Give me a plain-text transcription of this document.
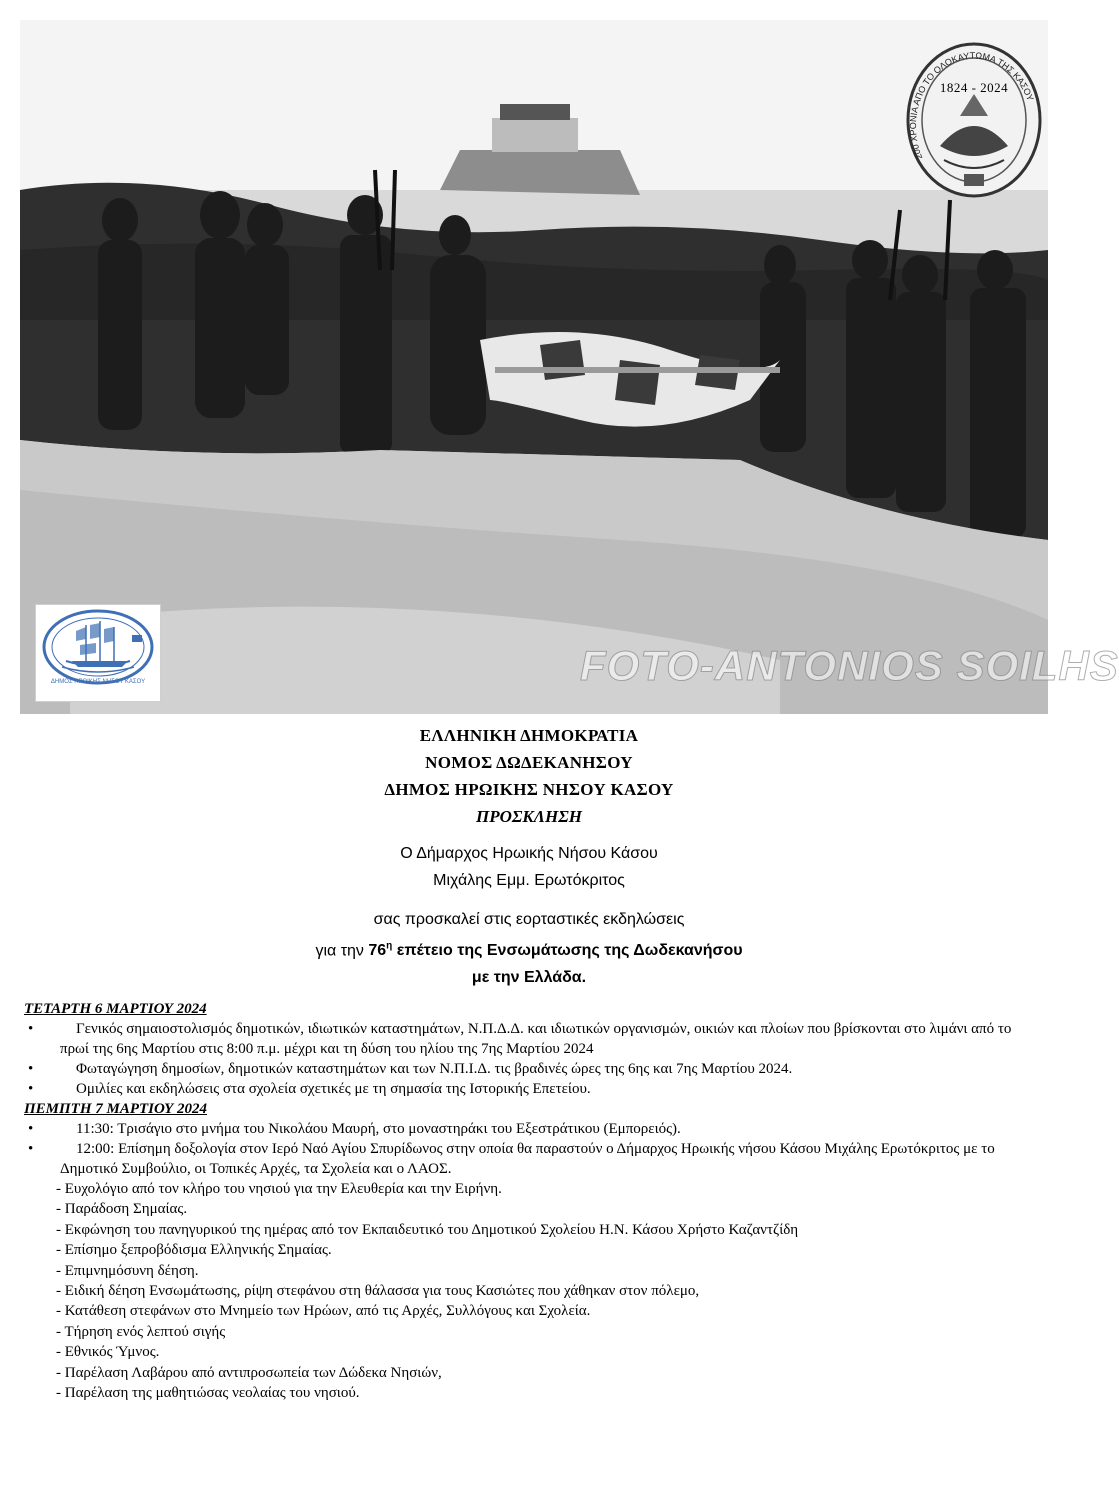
1824 - 2024
200 ΧΡΟΝΙΑ ΑΠΟ ΤΟ ΟΛΟΚΑΥΤΩΜΑ ΤΗΣ ΚΑΣΟΥ
ΔΗΜΟΣ ΗΡΩΙΚΗΣ ΝΗΣΟΥ ΚΑΣΟΥ	FOTO-ANTONIOS SOILHS
ΕΛΛΗΝΙΚΗ ΔΗΜΟΚΡΑΤΙΑ
ΝΟΜΟΣ ΔΩΔΕΚΑΝΗΣΟΥ
ΔΗΜΟΣ ΗΡΩΙΚΗΣ ΝΗΣΟΥ ΚΑΣΟΥ
ΠΡΟΣΚΛΗΣΗ
Ο Δήμαρχος Ηρωικής Νήσου Κάσου
Μιχάλης Εμμ. Ερωτόκριτος
σας προσκαλεί στις εορταστικές εκδηλώσεις
για την $76^\eta$ επέτειο της Ενσωμάτωσης της Δωδεκανήσου
με την Ελλάδα.
ΤΕΤΑΡΤΗ 6 ΜΑΡΤΙΟΥ 2024
•	Γενικός σημαιοστολισμός δημοτικών, ιδιωτικών καταστημάτων, Ν.Π.Δ.Δ. και ιδιωτικών οργανισμών, οικιών και πλοίων που βρίσκονται στο λιμάνι από το πρωί της 6ης Μαρτίου στις 8:00 π.μ. μέχρι και τη δύση του ηλίου της 7ης Μαρτίου 2024
•	Φωταγώγηση δημοσίων, δημοτικών καταστημάτων και των Ν.Π.Ι.Δ. τις βραδινές ώρες της 6ης και 7ης Μαρτίου 2024.
•	Ομιλίες και εκδηλώσεις στα σχολεία σχετικές με τη σημασία της Ιστορικής Επετείου.
ΠΕΜΠΤΗ 7 ΜΑΡΤΙΟΥ 2024
•	11:30: Τρισάγιο στο μνήμα του Νικολάου Μαυρή, στο μοναστηράκι του Εξεστράτικου (Εμπορειός).
•	12:00: Επίσημη δοξολογία στον Ιερό Ναό Αγίου Σπυρίδωνος στην οποία θα παραστούν ο Δήμαρχος Ηρωικής νήσου Κάσου Μιχάλης Ερωτόκριτος με το Δημοτικό Συμβούλιο, οι Τοπικές Αρχές, τα Σχολεία και ο ΛΑΟΣ.
- Ευχολόγιο από τον κλήρο του νησιού για την Ελευθερία και την Ειρήνη.
- Παράδοση Σημαίας.
- Εκφώνηση του πανηγυρικού της ημέρας από τον Εκπαιδευτικό του Δημοτικού Σχολείου Η.Ν. Κάσου Χρήστο Καζαντζίδη
- Επίσημο ξεπροβόδισμα Ελληνικής Σημαίας.
- Επιμνημόσυνη δέηση.
- Ειδική δέηση Ενσωμάτωσης, ρίψη στεφάνου στη θάλασσα για τους Κασιώτες που χάθηκαν στον πόλεμο,
- Κατάθεση στεφάνων στο Μνημείο των Ηρώων, από τις Αρχές, Συλλόγους και Σχολεία.
- Τήρηση ενός λεπτού σιγής
- Εθνικός Ύμνος.
- Παρέλαση Λαβάρου από αντιπροσωπεία των Δώδεκα Νησιών,
- Παρέλαση της μαθητιώσας νεολαίας του νησιού.
